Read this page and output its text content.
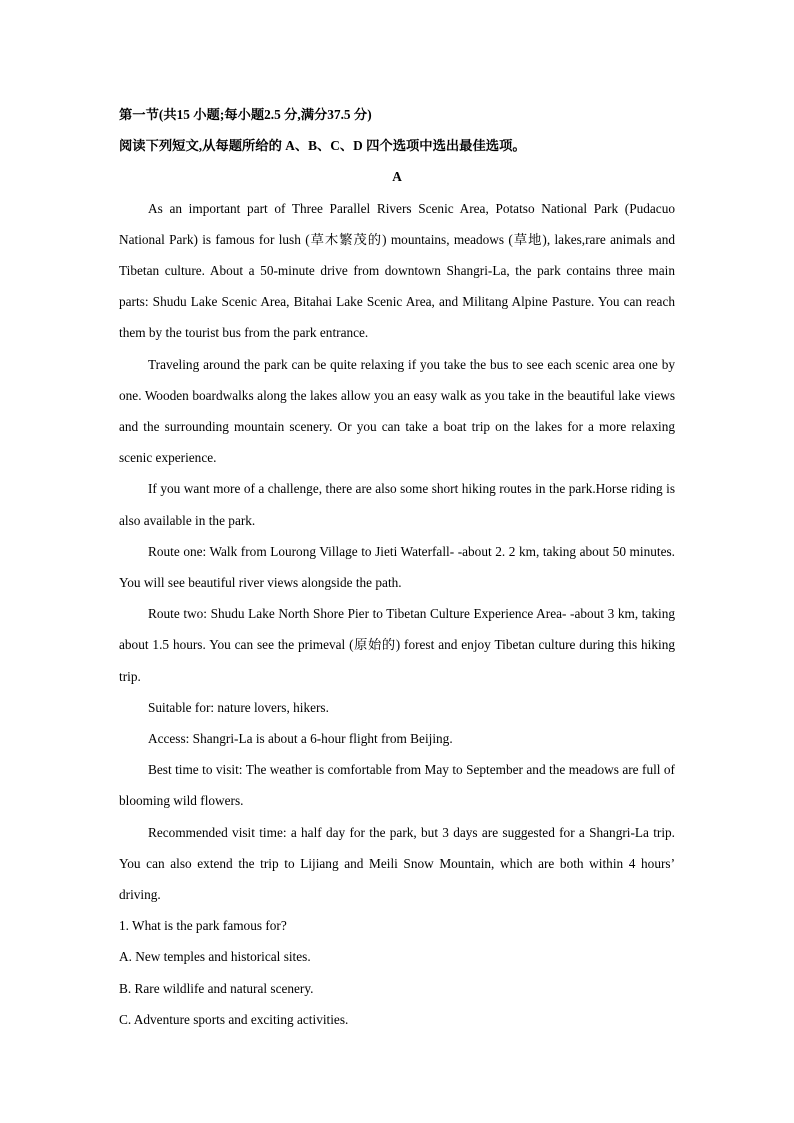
第一节(共15 小题;每小题2.5 分,满分37.5 分)
阅读下列短文,从每题所给的 A、B、C、D 四个选项中选出最佳选项。
A

As an important part of Three Parallel Rivers Scenic Area, Potatso National Park (Pudacuo National Park) is famous for lush (草木繁茂的) mountains, meadows (草地), lakes,rare animals and Tibetan culture. About a 50-minute drive from downtown Shangri-La, the park contains three main parts: Shudu Lake Scenic Area, Bitahai Lake Scenic Area, and Militang Alpine Pasture. You can reach them by the tourist bus from the park entrance.

Traveling around the park can be quite relaxing if you take the bus to see each scenic area one by one. Wooden boardwalks along the lakes allow you an easy walk as you take in the beautiful lake views and the surrounding mountain scenery. Or you can take a boat trip on the lakes for a more relaxing scenic experience.

If you want more of a challenge, there are also some short hiking routes in the park.Horse riding is also available in the park.

Route one: Walk from Lourong Village to Jieti Waterfall- -about 2. 2 km, taking about 50 minutes. You will see beautiful river views alongside the path.

Route two: Shudu Lake North Shore Pier to Tibetan Culture Experience Area- -about 3 km, taking about 1.5 hours. You can see the primeval (原始的) forest and enjoy Tibetan culture during this hiking trip.

Suitable for: nature lovers, hikers.

Access: Shangri-La is about a 6-hour flight from Beijing.

Best time to visit: The weather is comfortable from May to September and the meadows are full of blooming wild flowers.

Recommended visit time: a half day for the park, but 3 days are suggested for a Shangri-La trip. You can also extend the trip to Lijiang and Meili Snow Mountain, which are both within 4 hours’ driving.

1. What is the park famous for?

A. New temples and historical sites.

B. Rare wildlife and natural scenery.

C. Adventure sports and exciting activities.
